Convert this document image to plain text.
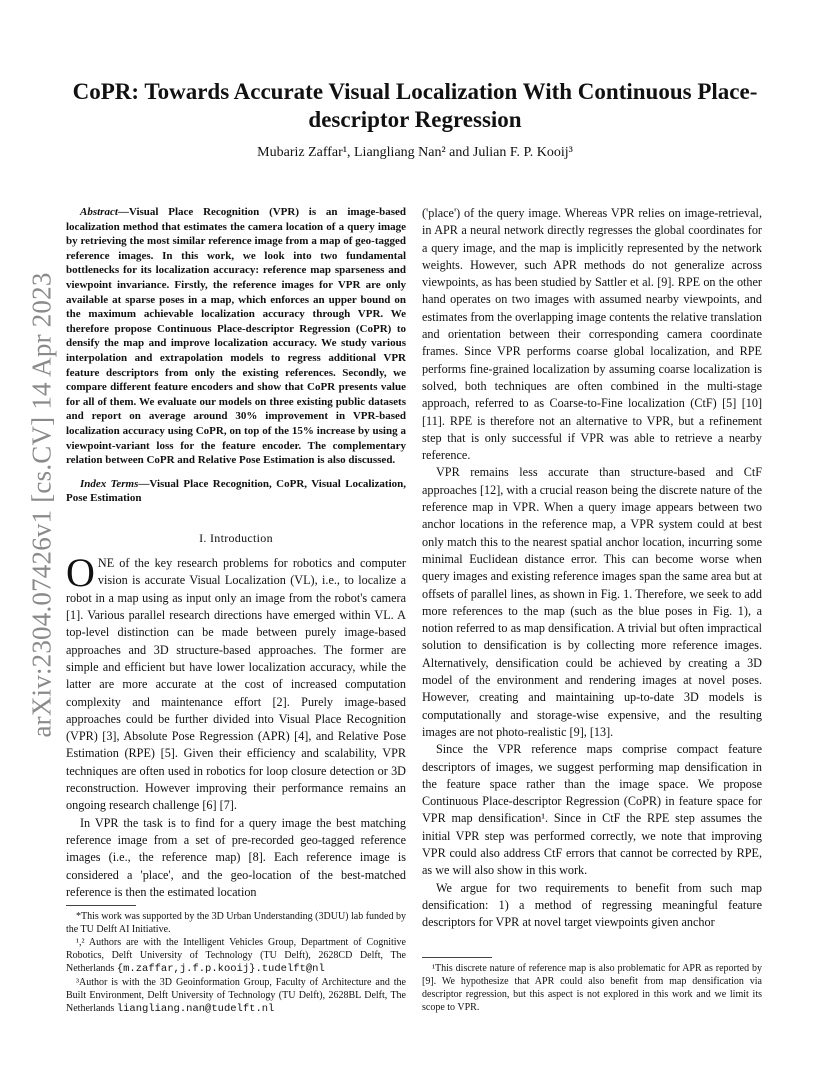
arXiv:2304.07426v1 [cs.CV] 14 Apr 2023
CoPR: Towards Accurate Visual Localization With Continuous Place-descriptor Regression
Mubariz Zaffar¹, Liangliang Nan² and Julian F. P. Kooij³

Abstract—Visual Place Recognition (VPR) is an image-based localization method that estimates the camera location of a query image by retrieving the most similar reference image from a map of geo-tagged reference images. In this work, we look into two fundamental bottlenecks for its localization accuracy: reference map sparseness and viewpoint invariance. Firstly, the reference images for VPR are only available at sparse poses in a map, which enforces an upper bound on the maximum achievable localization accuracy through VPR. We therefore propose Continuous Place-descriptor Regression (CoPR) to densify the map and improve localization accuracy. We study various interpolation and extrapolation models to regress additional VPR feature descriptors from only the existing references. Secondly, we compare different feature encoders and show that CoPR presents value for all of them. We evaluate our models on three existing public datasets and report on average around 30% improvement in VPR-based localization accuracy using CoPR, on top of the 15% increase by using a viewpoint-variant loss for the feature encoder. The complementary relation between CoPR and Relative Pose Estimation is also discussed.

Index Terms—Visual Place Recognition, CoPR, Visual Localization, Pose Estimation

I. Introduction

ONE of the key research problems for robotics and computer vision is accurate Visual Localization (VL), i.e., to localize a robot in a map using as input only an image from the robot's camera [1]. Various parallel research directions have emerged within VL. A top-level distinction can be made between purely image-based approaches and 3D structure-based approaches. The former are simple and efficient but have lower localization accuracy, while the latter are more accurate at the cost of increased computation complexity and maintenance effort [2]. Purely image-based approaches could be further divided into Visual Place Recognition (VPR) [3], Absolute Pose Regression (APR) [4], and Relative Pose Estimation (RPE) [5]. Given their efficiency and scalability, VPR techniques are often used in robotics for loop closure detection or 3D reconstruction. However improving their performance remains an ongoing research challenge [6] [7].

In VPR the task is to find for a query image the best matching reference image from a set of pre-recorded geo-tagged reference images (i.e., the reference map) [8]. Each reference image is considered a 'place', and the geo-location of the best-matched reference is then the estimated location

*This work was supported by the 3D Urban Understanding (3DUU) lab funded by the TU Delft AI Initiative.

¹,² Authors are with the Intelligent Vehicles Group, Department of Cognitive Robotics, Delft University of Technology (TU Delft), 2628CD Delft, The Netherlands {m.zaffar,j.f.p.kooij}.tudelft@nl

³Author is with the 3D Geoinformation Group, Faculty of Architecture and the Built Environment, Delft University of Technology (TU Delft), 2628BL Delft, The Netherlands liangliang.nan@tudelft.nl

('place') of the query image. Whereas VPR relies on image-retrieval, in APR a neural network directly regresses the global coordinates for a query image, and the map is implicitly represented by the network weights. However, such APR methods do not generalize across viewpoints, as has been studied by Sattler et al. [9]. RPE on the other hand operates on two images with assumed nearby viewpoints, and estimates from the overlapping image contents the relative translation and orientation between their corresponding camera coordinate frames. Since VPR performs coarse global localization, and RPE performs fine-grained localization by assuming coarse localization is solved, both techniques are often combined in the multi-stage approach, referred to as Coarse-to-Fine localization (CtF) [5] [10] [11]. RPE is therefore not an alternative to VPR, but a refinement step that is only successful if VPR was able to retrieve a nearby reference.

VPR remains less accurate than structure-based and CtF approaches [12], with a crucial reason being the discrete nature of the reference map in VPR. When a query image appears between two anchor locations in the reference map, a VPR system could at best only match this to the nearest spatial anchor location, incurring some minimal Euclidean distance error. This can become worse when query images and existing reference images span the same area but at offsets of parallel lines, as shown in Fig. 1. Therefore, we seek to add more references to the map (such as the blue poses in Fig. 1), a notion referred to as map densification. A trivial but often impractical solution to densification is by collecting more reference images. Alternatively, densification could be achieved by creating a 3D model of the environment and rendering images at novel poses. However, creating and maintaining up-to-date 3D models is computationally and storage-wise expensive, and the resulting images are not photo-realistic [9], [13].

Since the VPR reference maps comprise compact feature descriptors of images, we suggest performing map densification in the feature space rather than the image space. We propose Continuous Place-descriptor Regression (CoPR) in feature space for VPR map densification¹. Since in CtF the RPE step assumes the initial VPR step was performed correctly, we note that improving VPR could also address CtF errors that cannot be corrected by RPE, as we will also show in this work.

We argue for two requirements to benefit from such map densification: 1) a method of regressing meaningful feature descriptors for VPR at novel target viewpoints given anchor

¹This discrete nature of reference map is also problematic for APR as reported by [9]. We hypothesize that APR could also benefit from map densification via descriptor regression, but this aspect is not explored in this work and we limit its scope to VPR.
